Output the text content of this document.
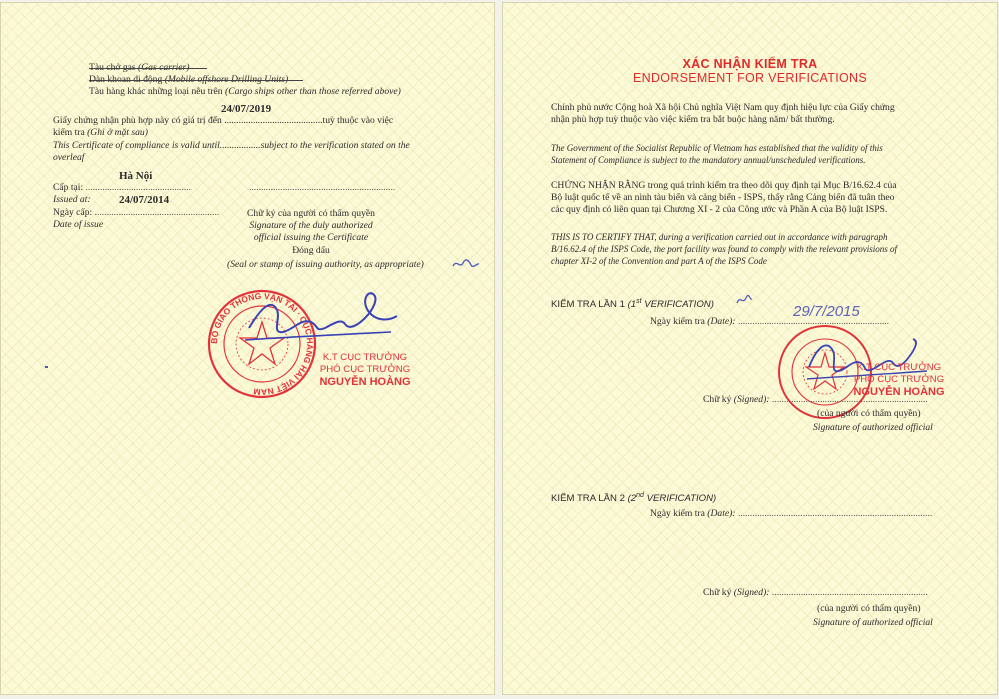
Tàu chở gas (Gas carrier)
Dàn khoan di động (Mobile offshore Drilling Units)
Tàu hàng khác những loại nêu trên (Cargo ships other than those referred above)
24/07/2019
Giấy chứng nhận phù hợp này có giá trị đến .........................................tuỳ thuộc vào việc
kiểm tra (Ghi ở mặt sau)
This Certificate of compliance is valid until.................subject to the verification stated on the
overleaf
Hà Nội
Cấp tại: ............................................	.............................................................
Issued at:	24/07/2014
Ngày cấp: ....................................................
Date of issue
Chữ ký của người có thẩm quyền
Signature of the duly authorized
official issuing the Certificate
Đóng dấu
(Seal or stamp of issuing authority, as appropriate)
BỘ GIAO THÔNG VẬN TẢI · CỤC HÀNG HẢI VIỆT NAM
K.T CỤC TRƯỞNG
PHÓ CỤC TRƯỞNG
NGUYỄN HOÀNG
XÁC NHẬN KIỂM TRA
ENDORSEMENT FOR VERIFICATIONS
Chính phủ nước Cộng hoà Xã hội Chủ nghĩa Việt Nam quy định hiệu lực của Giấy chứng
nhận phù hợp tuỳ thuộc vào việc kiểm tra bắt buộc hàng năm/ bất thường.
The Government of the Socialist Republic of Vietnam has established that the validity of this
Statement of Compliance is subject to the mandatory annual/unscheduled verifications.
CHỨNG NHẬN RẰNG trong quá trình kiểm tra theo dõi quy định tại Mục B/16.62.4 của
Bộ luật quốc tế về an ninh tàu biển và cảng biển - ISPS, thấy rằng Cảng biển đã tuân theo
các quy định có liên quan tại Chương XI - 2 của Công ước và Phần A của Bộ luật ISPS.
THIS IS TO CERTIFY THAT, during a verification carried out in accordance with paragraph
B/16.62.4 of the ISPS Code, the port facility was found to comply with the relevant provisions of
chapter XI-2 of the Convention and part A of the ISPS Code
KIỂM TRA LẦN 1 (1st VERIFICATION)
Ngày kiểm tra (Date): ...............................................................
29/7/2015
K.T CỤC TRƯỞNG
PHÓ CỤC TRƯỞNG
NGUYỄN HOÀNG
Chữ ký (Signed): .................................................................
(của người có thẩm quyền)
Signature of authorized official
KIỂM TRA LẦN 2 (2nd VERIFICATION)
Ngày kiểm tra (Date): .................................................................................
Chữ ký (Signed): .................................................................
(của người có thẩm quyền)
Signature of authorized official
